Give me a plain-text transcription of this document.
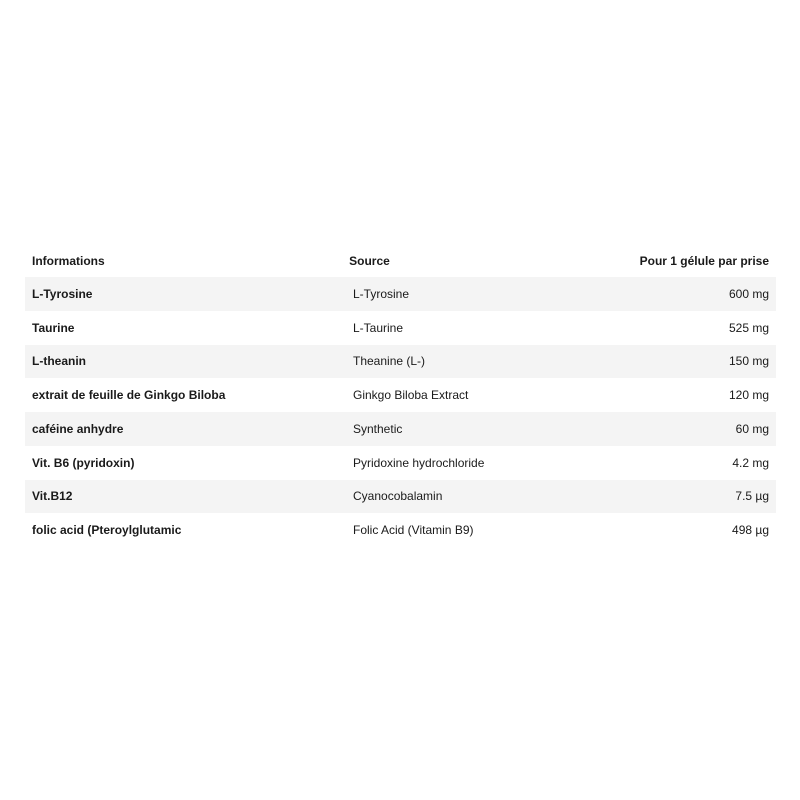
Informations	Source	Pour 1 gélule par prise
L-Tyrosine	L-Tyrosine	600 mg
Taurine	L-Taurine	525 mg
L-theanin	Theanine (L-)	150 mg
extrait de feuille de Ginkgo Biloba	Ginkgo Biloba Extract	120 mg
caféine anhydre	Synthetic	60 mg
Vit. B6 (pyridoxin)	Pyridoxine hydrochloride	4.2 mg
Vit.B12	Cyanocobalamin	7.5 µg
folic acid (Pteroylglutamic	Folic Acid (Vitamin B9)	498 µg
